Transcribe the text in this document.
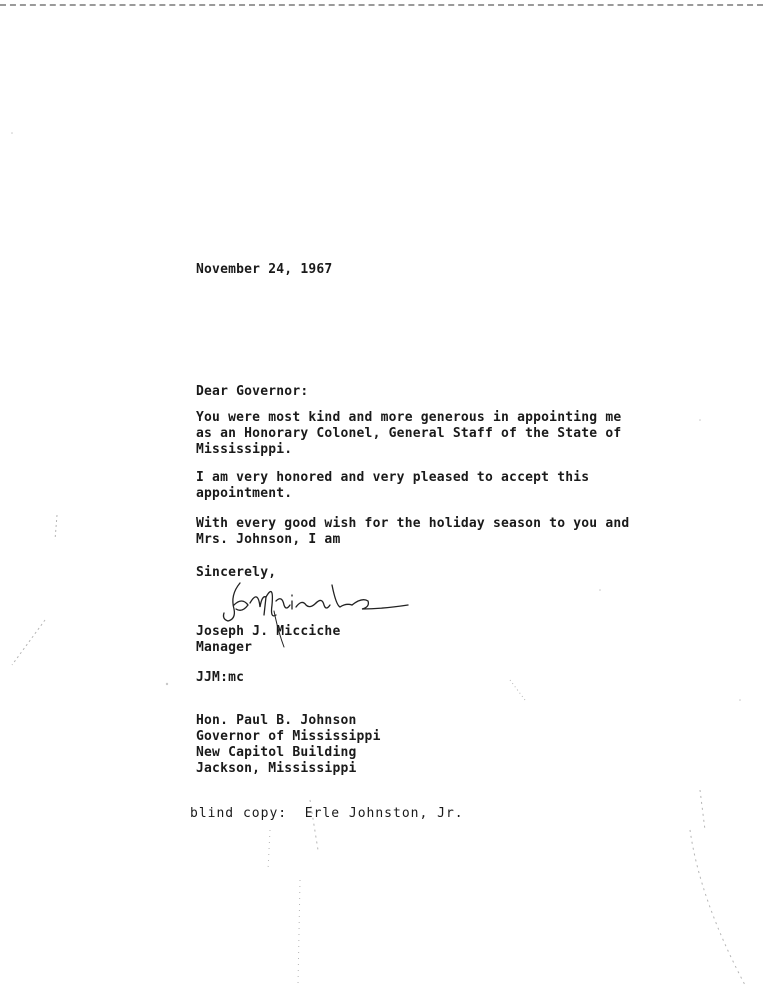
November 24, 1967
Dear Governor:
You were most kind and more generous in appointing me
as an Honorary Colonel, General Staff of the State of
Mississippi.
I am very honored and very pleased to accept this
appointment.
With every good wish for the holiday season to you and
Mrs. Johnson, I am
Sincerely,
Joseph J. Micciche
Manager
JJM:mc
Hon. Paul B. Johnson
Governor of Mississippi
New Capitol Building
Jackson, Mississippi
blind copy:  Erle Johnston, Jr.
